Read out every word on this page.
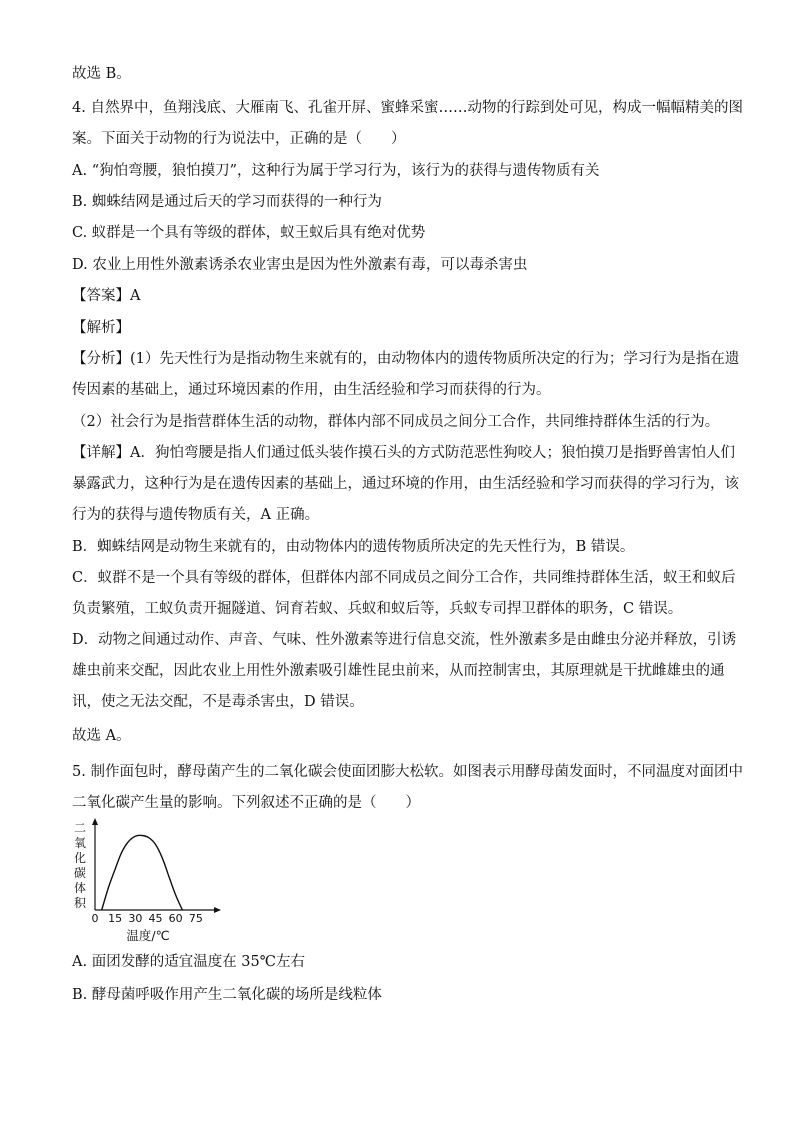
故选 B。
4. 自然界中，鱼翔浅底、大雁南飞、孔雀开屏、蜜蜂采蜜……动物的行踪到处可见，构成一幅幅精美的图
案。下面关于动物的行为说法中，正确的是（　　）
A. “狗怕弯腰，狼怕摸刀”，这种行为属于学习行为，该行为的获得与遗传物质有关
B. 蜘蛛结网是通过后天的学习而获得的一种行为
C. 蚁群是一个具有等级的群体，蚁王蚁后具有绝对优势
D. 农业上用性外激素诱杀农业害虫是因为性外激素有毒，可以毒杀害虫
【答案】A
【解析】
【分析】(1）先天性行为是指动物生来就有的，由动物体内的遗传物质所决定的行为；学习行为是指在遗
传因素的基础上，通过环境因素的作用，由生活经验和学习而获得的行为。
（2）社会行为是指营群体生活的动物，群体内部不同成员之间分工合作，共同维持群体生活的行为。
【详解】A．狗怕弯腰是指人们通过低头装作摸石头的方式防范恶性狗咬人；狼怕摸刀是指野兽害怕人们
暴露武力，这种行为是在遗传因素的基础上，通过环境的作用，由生活经验和学习而获得的学习行为，该
行为的获得与遗传物质有关，A 正确。
B．蜘蛛结网是动物生来就有的，由动物体内的遗传物质所决定的先天性行为，B 错误。
C．蚁群不是一个具有等级的群体，但群体内部不同成员之间分工合作，共同维持群体生活，蚁王和蚁后
负责繁殖，工蚁负责开掘隧道、饲育若蚁、兵蚁和蚁后等，兵蚁专司捍卫群体的职务，C 错误。
D．动物之间通过动作、声音、气味、性外激素等进行信息交流，性外激素多是由雌虫分泌并释放，引诱
雄虫前来交配，因此农业上用性外激素吸引雄性昆虫前来，从而控制害虫，其原理就是干扰雌雄虫的通
讯，使之无法交配，不是毒杀害虫，D 错误。
故选 A。
5. 制作面包时，酵母菌产生的二氧化碳会使面团膨大松软。如图表示用酵母菌发面时，不同温度对面团中
二氧化碳产生量的影响。下列叙述不正确的是（　　）
二
氧
化
碳
体
积
0 15 30 45 60 75
温度/℃
A. 面团发酵的适宜温度在 35℃左右
B. 酵母菌呼吸作用产生二氧化碳的场所是线粒体
